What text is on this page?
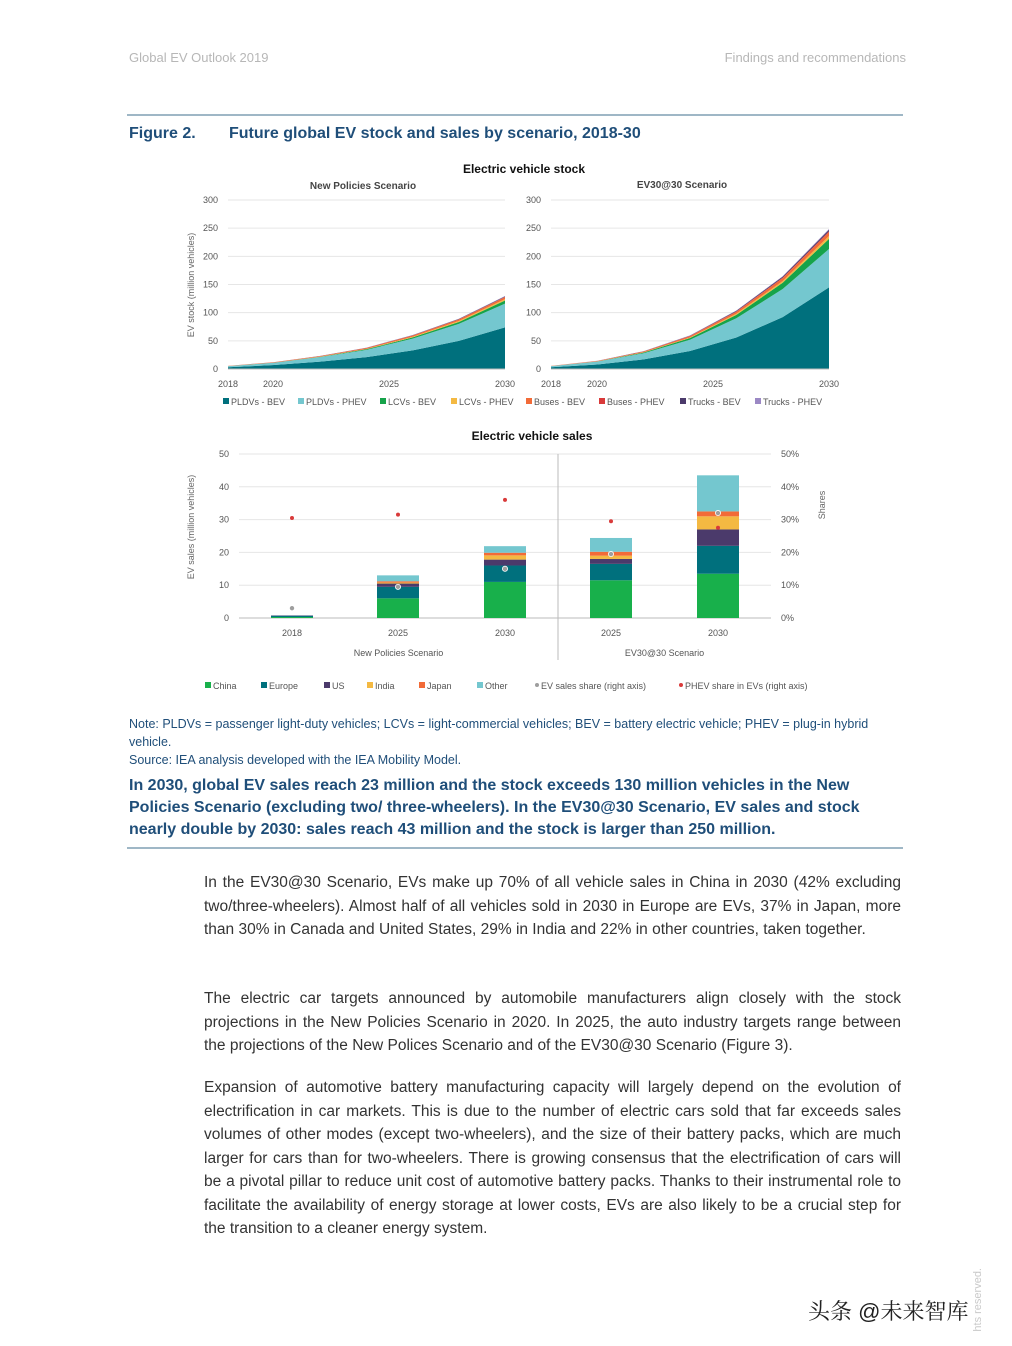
Global EV Outlook 2019	Findings and recommendations
Figure 2. Future global EV stock and sales by scenario, 2018-30
Electric vehicle stock
New Policies Scenario	EV30@30 Scenario
EV stock (million vehicles)
300
250
200
150
100
50
0
2018	2020	2025	2030
300
250
200
150
100
50
0
2018	2020	2025	2030
PLDVs - BEV PLDVs - PHEV LCVs - BEV	LCVs - PHEV Buses - BEV Buses - PHEV	Trucks - BEV Trucks - PHEV
Electric vehicle sales
EV sales (million vehicles)	Shares
50
40
30
20
10
0
50%
40%
30%
20%
10%
0%
2018	2025	2030	2025	2030
New Policies Scenario	EV30@30 Scenario
China	Europe	US	India	Japan	Other	EV sales share (right axis)	PHEV share in EVs (right axis)
Note: PLDVs = passenger light-duty vehicles; LCVs = light-commercial vehicles; BEV = battery electric vehicle; PHEV = plug-in hybrid vehicle.
Source: IEA analysis developed with the IEA Mobility Model.
In 2030, global EV sales reach 23 million and the stock exceeds 130 million vehicles in the New Policies Scenario (excluding two/ three-wheelers). In the EV30@30 Scenario, EV sales and stock nearly double by 2030: sales reach 43 million and the stock is larger than 250 million.
In the EV30@30 Scenario, EVs make up 70% of all vehicle sales in China in 2030 (42% excluding two/three-wheelers). Almost half of all vehicles sold in 2030 in Europe are EVs, 37% in Japan, more than 30% in Canada and United States, 29% in India and 22% in other countries, taken together.
The electric car targets announced by automobile manufacturers align closely with the stock projections in the New Policies Scenario in 2020. In 2025, the auto industry targets range between the projections of the New Polices Scenario and of the EV30@30 Scenario (Figure 3).
Expansion of automotive battery manufacturing capacity will largely depend on the evolution of electrification in car markets. This is due to the number of electric cars sold that far exceeds sales volumes of other modes (except two-wheelers), and the size of their battery packs, which are much larger for cars than for two-wheelers. There is growing consensus that the electrification of cars will be a pivotal pillar to reduce unit cost of automotive battery packs. Thanks to their instrumental role to facilitate the availability of energy storage at lower costs, EVs are also likely to be a crucial step for the transition to a cleaner energy system.
头条 @未来智库 hts reserved.
